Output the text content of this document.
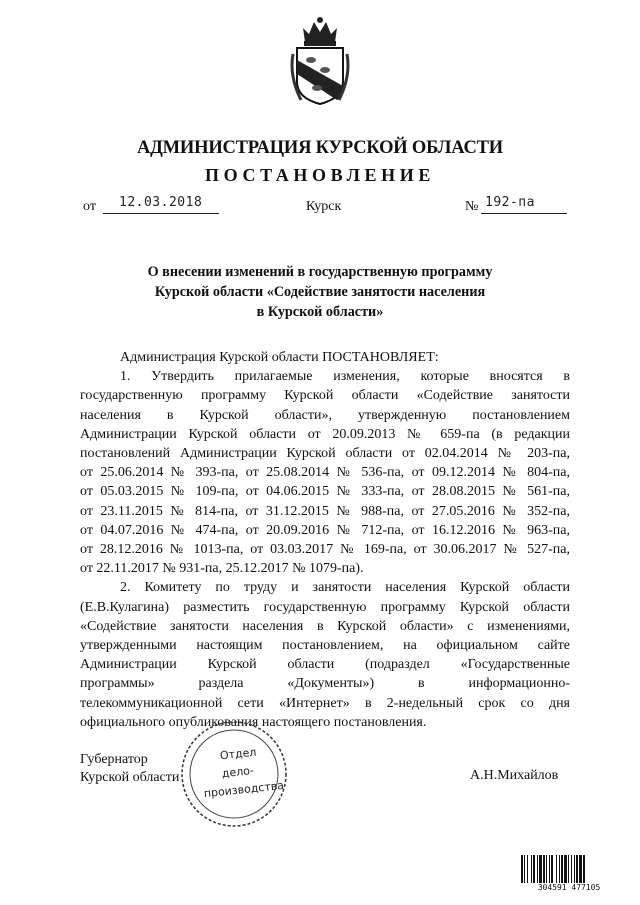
АДМИНИСТРАЦИЯ КУРСКОЙ ОБЛАСТИ
ПОСТАНОВЛЕНИЕ
от 12.03.2018	Курск	№ 192-па
О внесении изменений в государственную программу
Курской области «Содействие занятости населения
в Курской области»

Администрация Курской области ПОСТАНОВЛЯЕТ:

1. Утвердить прилагаемые изменения, которые вносятся в
государственную программу Курской области «Содействие занятости
населения в Курской области», утвержденную постановлением
Администрации Курской области от 20.09.2013 № 659-па (в редакции
постановлений Администрации Курской области от 02.04.2014 № 203-па,
от 25.06.2014 № 393-па, от 25.08.2014 № 536-па, от 09.12.2014 № 804-па,
от 05.03.2015 № 109-па, от 04.06.2015 № 333-па, от 28.08.2015 № 561-па,
от 23.11.2015 № 814-па, от 31.12.2015 № 988-па, от 27.05.2016 № 352-па,
от 04.07.2016 № 474-па, от 20.09.2016 № 712-па, от 16.12.2016 № 963-па,
от 28.12.2016 № 1013-па, от 03.03.2017 № 169-па, от 30.06.2017 № 527-па,
от 22.11.2017 № 931-па, 25.12.2017 № 1079-па).
2. Комитету по труду и занятости населения Курской области
(Е.В.Кулагина) разместить государственную программу Курской области
«Содействие занятости населения в Курской области» с изменениями,
утвержденными настоящим постановлением, на официальном сайте
Администрации Курской области (подраздел «Государственные
программы» раздела «Документы») в информационно-
телекоммуникационной сети «Интернет» в 2-недельный срок со дня
официального опубликования настоящего постановления.
Губернатор
Курской области	А.Н.Михайлов
Отдел
дело-
производства
304591 477105
